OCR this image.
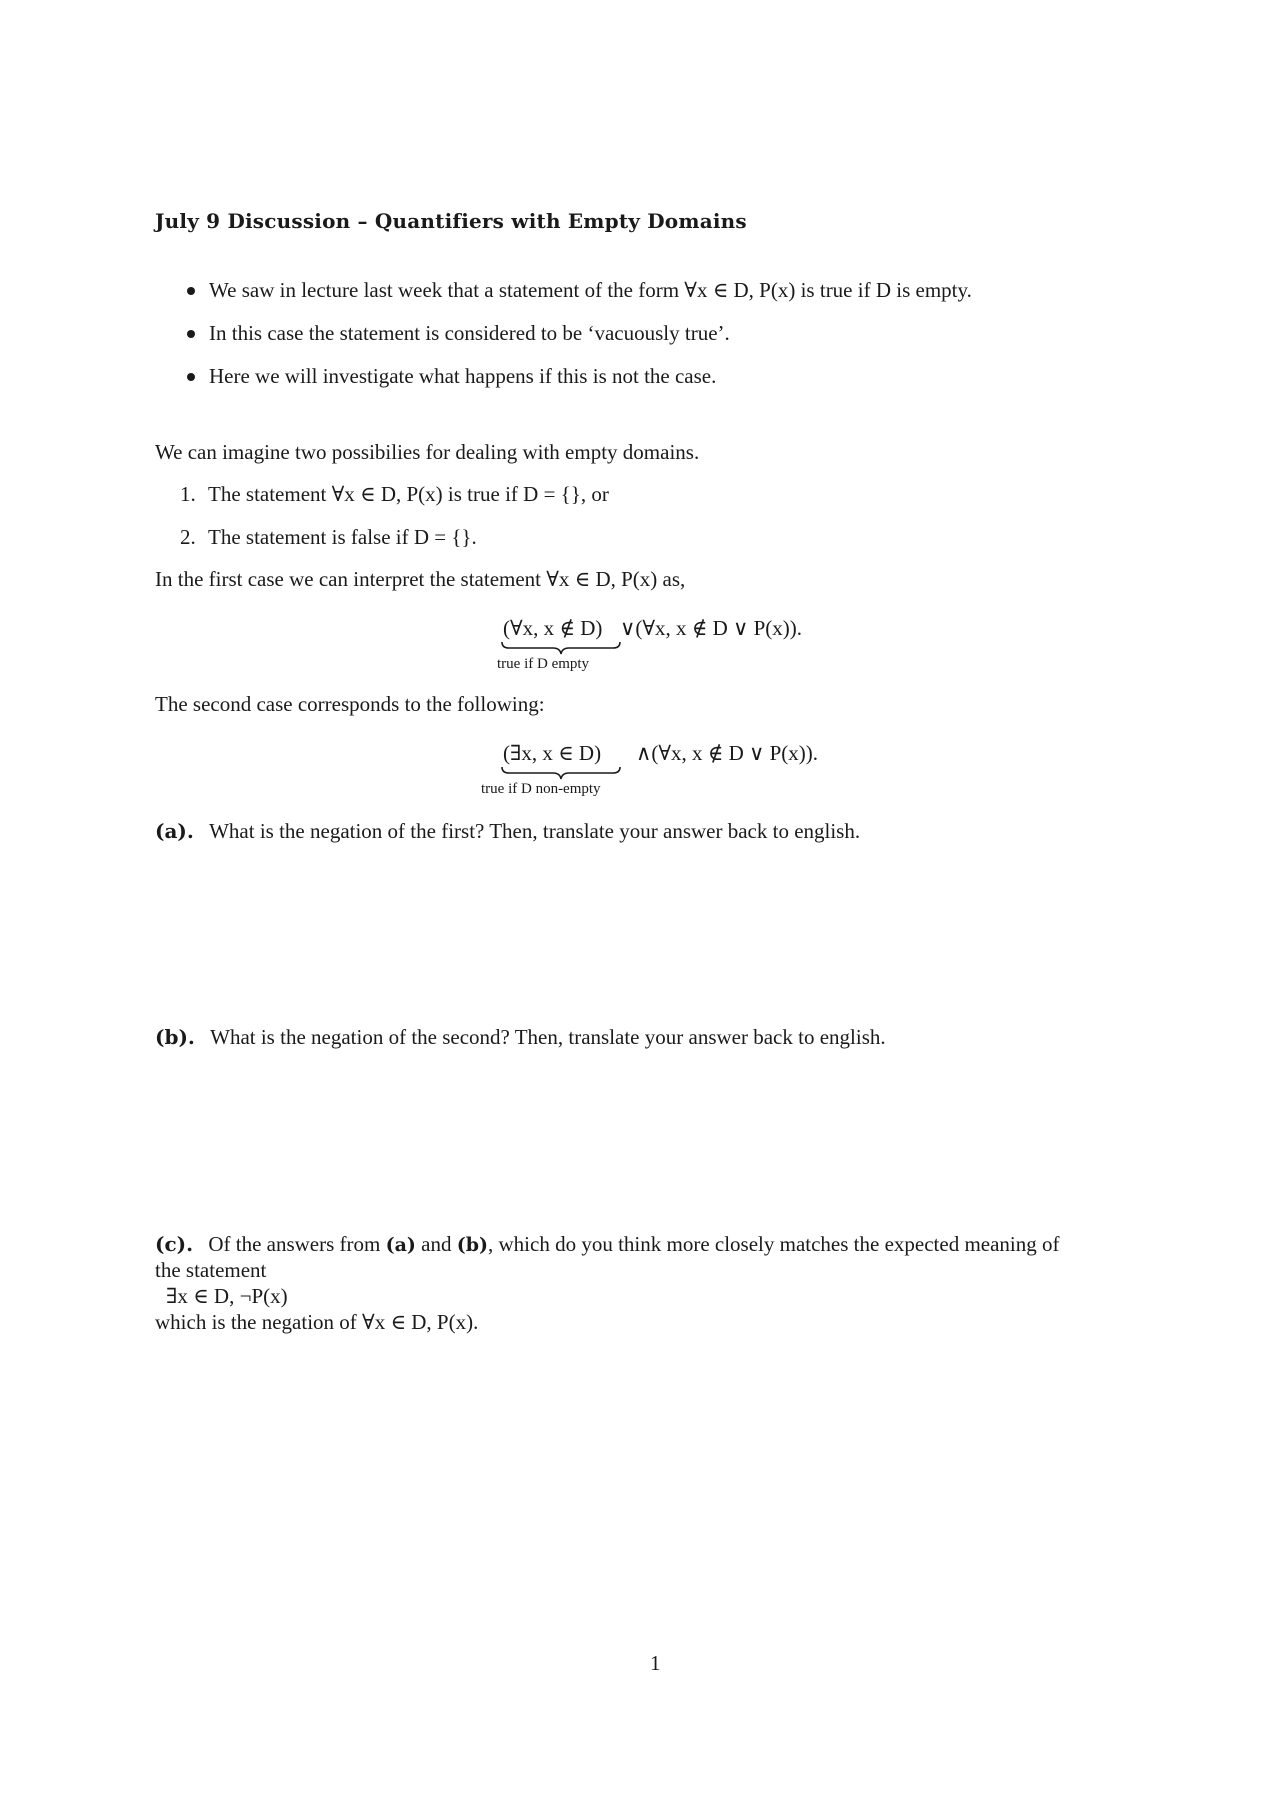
July 9 Discussion – Quantifiers with Empty Domains
We saw in lecture last week that a statement of the form ∀x ∈ D, P(x) is true if D is empty.
In this case the statement is considered to be ‘vacuously true’.
Here we will investigate what happens if this is not the case.
We can imagine two possibilies for dealing with empty domains.
1. The statement ∀x ∈ D, P(x) is true if D = {}, or
2. The statement is false if D = {}.
In the first case we can interpret the statement ∀x ∈ D, P(x) as,
(∀x, x ∉ D) ∨(∀x, x ∉ D ∨ P(x)).
true if D empty
The second case corresponds to the following:
(∃x, x ∈ D) ∧(∀x, x ∉ D ∨ P(x)).
true if D non-empty
(a). What is the negation of the first? Then, translate your answer back to english.
(b). What is the negation of the second? Then, translate your answer back to english.
(c). Of the answers from (a) and (b), which do you think more closely matches the expected meaning of
the statement
∃x ∈ D, ¬P(x)
which is the negation of ∀x ∈ D, P(x).
1
